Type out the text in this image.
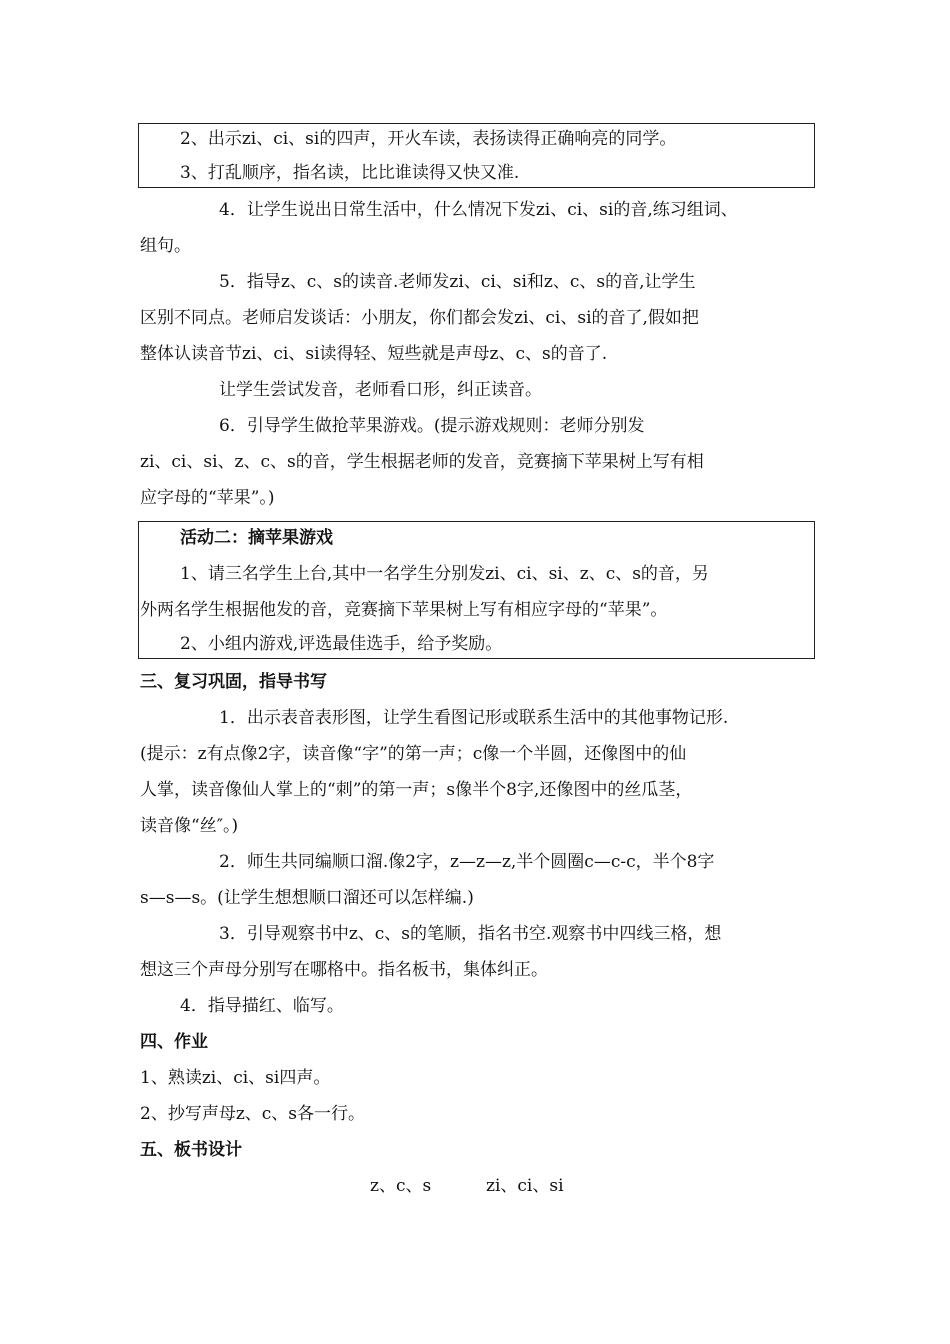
2、出示zi、ci、si的四声，开火车读，表扬读得正确响亮的同学。
3、打乱顺序，指名读，比比谁读得又快又准.
4．让学生说出日常生活中，什么情况下发zi、ci、si的音,练习组词、
组句。
5．指导z、c、s的读音.老师发zi、ci、si和z、c、s的音,让学生
区别不同点。老师启发谈话：小朋友，你们都会发zi、ci、si的音了,假如把
整体认读音节zi、ci、si读得轻、短些就是声母z、c、s的音了.
让学生尝试发音，老师看口形，纠正读音。
6．引导学生做抢苹果游戏。(提示游戏规则：老师分别发
zi、ci、si、z、c、s的音，学生根据老师的发音，竞赛摘下苹果树上写有相
应字母的“苹果”。)
活动二：摘苹果游戏
1、请三名学生上台,其中一名学生分别发zi、ci、si、z、c、s的音，另
外两名学生根据他发的音，竞赛摘下苹果树上写有相应字母的“苹果”。
2、小组内游戏,评选最佳选手，给予奖励。
三、复习巩固，指导书写
1．出示表音表形图，让学生看图记形或联系生活中的其他事物记形.
(提示：z有点像2字，读音像“字”的第一声；c像一个半圆，还像图中的仙
人掌，读音像仙人掌上的“刺”的第一声；s像半个8字,还像图中的丝瓜茎，
读音像“丝″。)
2．师生共同编顺口溜.像2字，z—z—z,半个圆圈c—c-c，半个8字
s—s—s。(让学生想想顺口溜还可以怎样编.)
3．引导观察书中z、c、s的笔顺，指名书空.观察书中四线三格，想
想这三个声母分别写在哪格中。指名板书，集体纠正。
4．指导描红、临写。
四、作业
1、熟读zi、ci、si四声。
2、抄写声母z、c、s各一行。
五、板书设计
z、c、s	zi、ci、si
